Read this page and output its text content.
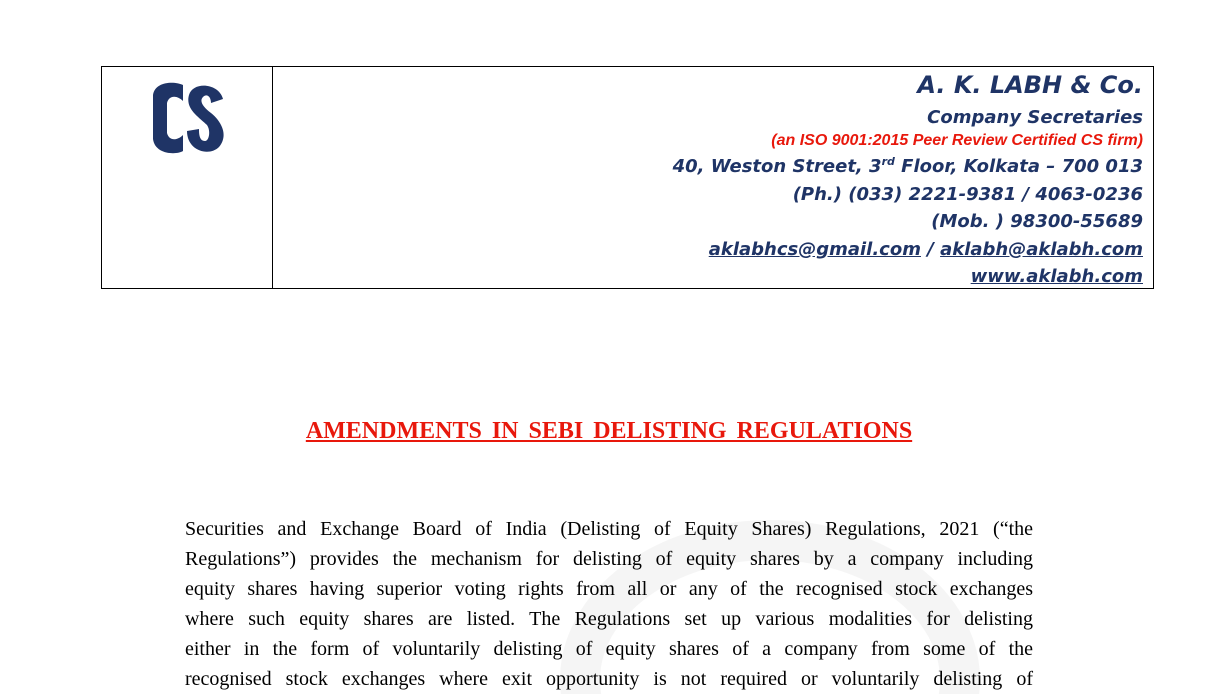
A. K. LABH & Co.
Company Secretaries
(an ISO 9001:2015 Peer Review Certified CS firm)
40, Weston Street, 3rd Floor, Kolkata – 700 013
(Ph.) (033) 2221-9381 / 4063-0236
(Mob. ) 98300-55689
aklabhcs@gmail.com / aklabh@aklabh.com
www.aklabh.com
AMENDMENTS IN SEBI DELISTING REGULATIONS
Securities and Exchange Board of India (Delisting of Equity Shares) Regulations, 2021 (“the
Regulations”) provides the mechanism for delisting of equity shares by a company including
equity shares having superior voting rights from all or any of the recognised stock exchanges
where such equity shares are listed. The Regulations set up various modalities for delisting
either in the form of voluntarily delisting of equity shares of a company from some of the
recognised stock exchanges where exit opportunity is not required or voluntarily delisting of
